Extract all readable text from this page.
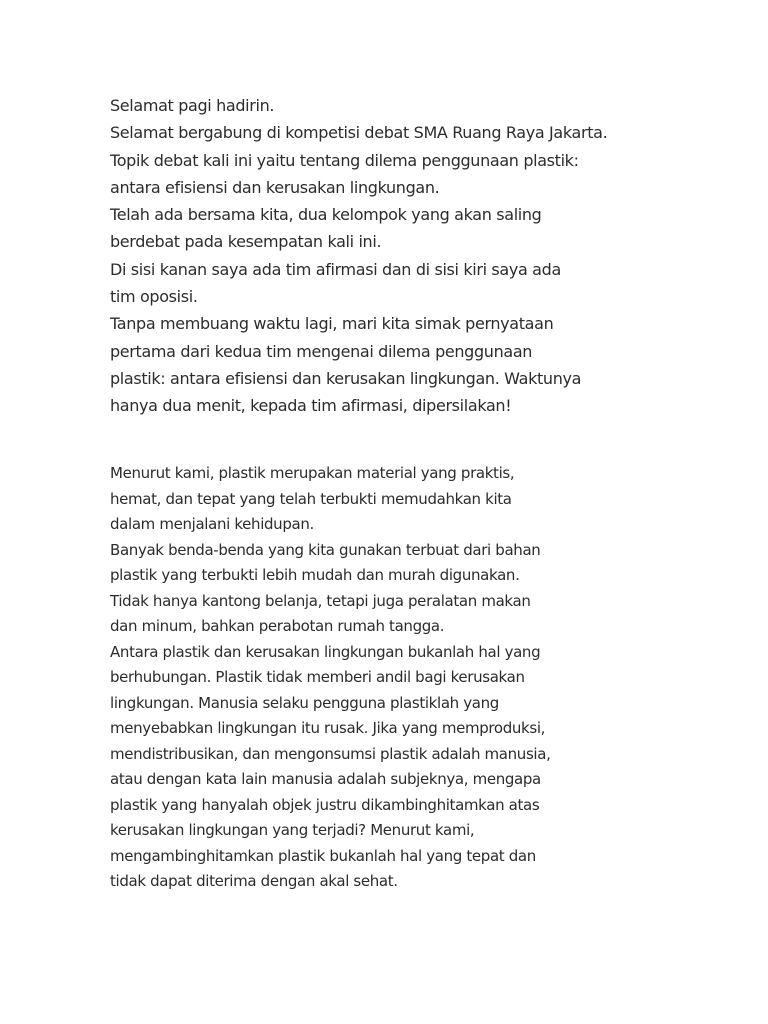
Selamat pagi hadirin.
Selamat bergabung di kompetisi debat SMA Ruang Raya Jakarta.
Topik debat kali ini yaitu tentang dilema penggunaan plastik:
antara efisiensi dan kerusakan lingkungan.
Telah ada bersama kita, dua kelompok yang akan saling
berdebat pada kesempatan kali ini.
Di sisi kanan saya ada tim afirmasi dan di sisi kiri saya ada
tim oposisi.
Tanpa membuang waktu lagi, mari kita simak pernyataan
pertama dari kedua tim mengenai dilema penggunaan
plastik: antara efisiensi dan kerusakan lingkungan. Waktunya
hanya dua menit, kepada tim afirmasi, dipersilakan!
Menurut kami, plastik merupakan material yang praktis,
hemat, dan tepat yang telah terbukti memudahkan kita
dalam menjalani kehidupan.
Banyak benda-benda yang kita gunakan terbuat dari bahan
plastik yang terbukti lebih mudah dan murah digunakan.
Tidak hanya kantong belanja, tetapi juga peralatan makan
dan minum, bahkan perabotan rumah tangga.
Antara plastik dan kerusakan lingkungan bukanlah hal yang
berhubungan. Plastik tidak memberi andil bagi kerusakan
lingkungan. Manusia selaku pengguna plastiklah yang
menyebabkan lingkungan itu rusak. Jika yang memproduksi,
mendistribusikan, dan mengonsumsi plastik adalah manusia,
atau dengan kata lain manusia adalah subjeknya, mengapa
plastik yang hanyalah objek justru dikambinghitamkan atas
kerusakan lingkungan yang terjadi? Menurut kami,
mengambinghitamkan plastik bukanlah hal yang tepat dan
tidak dapat diterima dengan akal sehat.
